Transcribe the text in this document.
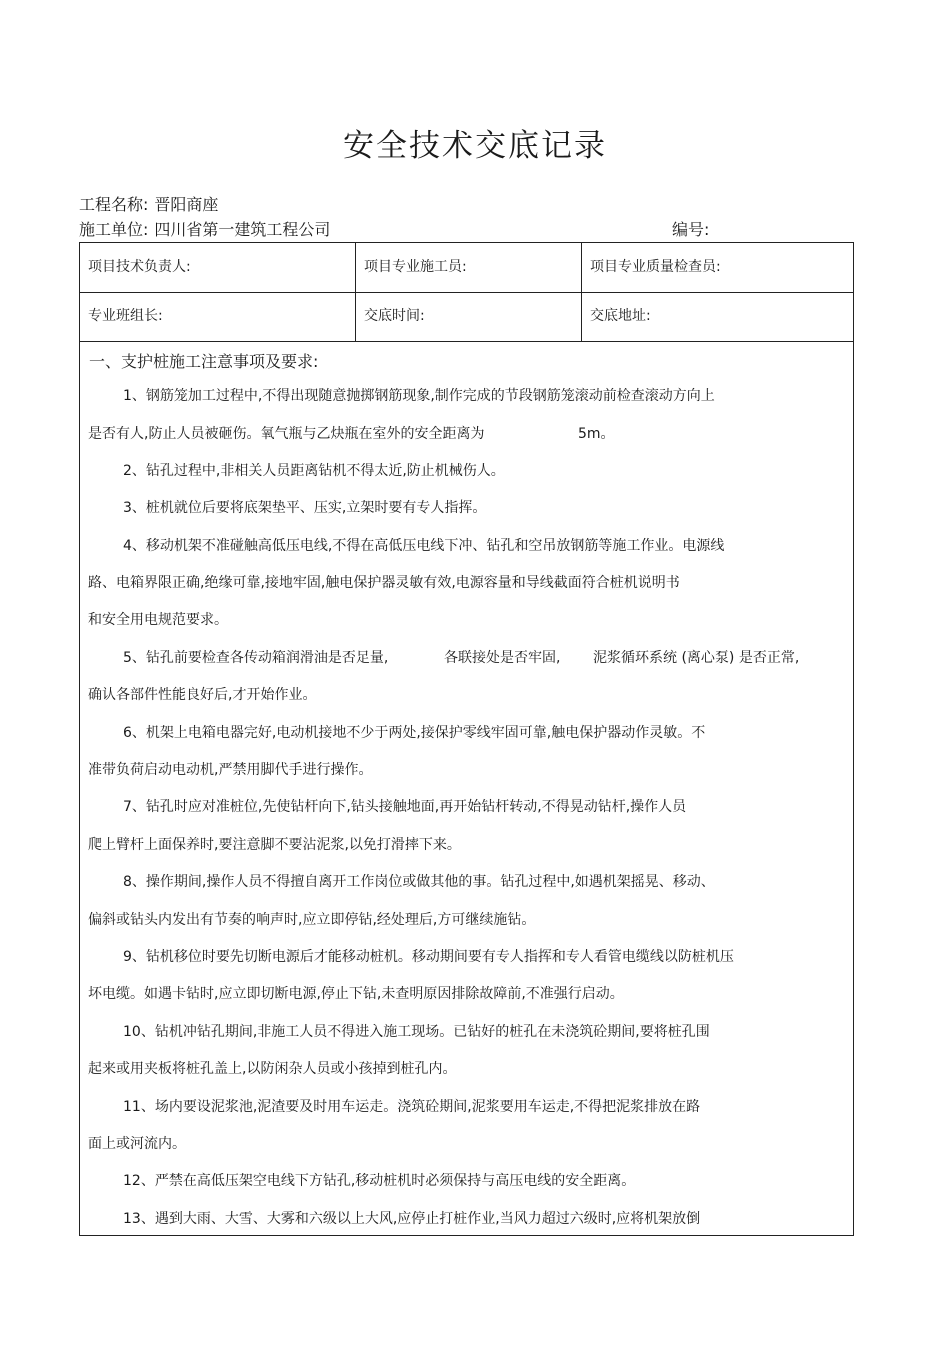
安全技术交底记录
工程名称: 晋阳商座
施工单位: 四川省第一建筑工程公司	编号:
项目技术负责人:	项目专业施工员:	项目专业质量检查员:
专业班组长:	交底时间:	交底地址:
一、支护桩施工注意事项及要求:
1、钢筋笼加工过程中,不得出现随意抛掷钢筋现象,制作完成的节段钢筋笼滚动前检查滚动方向上
是否有人,防止人员被砸伤。氧气瓶与乙炔瓶在室外的安全距离为	5m。
2、钻孔过程中,非相关人员距离钻机不得太近,防止机械伤人。
3、桩机就位后要将底架垫平、压实,立架时要有专人指挥。
4、移动机架不准碰触高低压电线,不得在高低压电线下冲、钻孔和空吊放钢筋等施工作业。电源线
路、电箱界限正确,绝缘可靠,接地牢固,触电保护器灵敏有效,电源容量和导线截面符合桩机说明书
和安全用电规范要求。
5、钻孔前要检查各传动箱润滑油是否足量,	各联接处是否牢固, 泥浆循环系统 (离心泵) 是否正常,
确认各部件性能良好后,才开始作业。
6、机架上电箱电器完好,电动机接地不少于两处,接保护零线牢固可靠,触电保护器动作灵敏。不
准带负荷启动电动机,严禁用脚代手进行操作。
7、钻孔时应对准桩位,先使钻杆向下,钻头接触地面,再开始钻杆转动,不得晃动钻杆,操作人员
爬上臂杆上面保养时,要注意脚不要沾泥浆,以免打滑摔下来。
8、操作期间,操作人员不得擅自离开工作岗位或做其他的事。钻孔过程中,如遇机架摇晃、移动、
偏斜或钻头内发出有节奏的响声时,应立即停钻,经处理后,方可继续施钻。
9、钻机移位时要先切断电源后才能移动桩机。移动期间要有专人指挥和专人看管电缆线以防桩机压
坏电缆。如遇卡钻时,应立即切断电源,停止下钻,未查明原因排除故障前,不准强行启动。
10、钻机冲钻孔期间,非施工人员不得进入施工现场。已钻好的桩孔在未浇筑砼期间,要将桩孔围
起来或用夹板将桩孔盖上,以防闲杂人员或小孩掉到桩孔内。
11、场内要设泥浆池,泥渣要及时用车运走。浇筑砼期间,泥浆要用车运走,不得把泥浆排放在路
面上或河流内。
12、严禁在高低压架空电线下方钻孔,移动桩机时必须保持与高压电线的安全距离。
13、遇到大雨、大雪、大雾和六级以上大风,应停止打桩作业,当风力超过六级时,应将机架放倒
